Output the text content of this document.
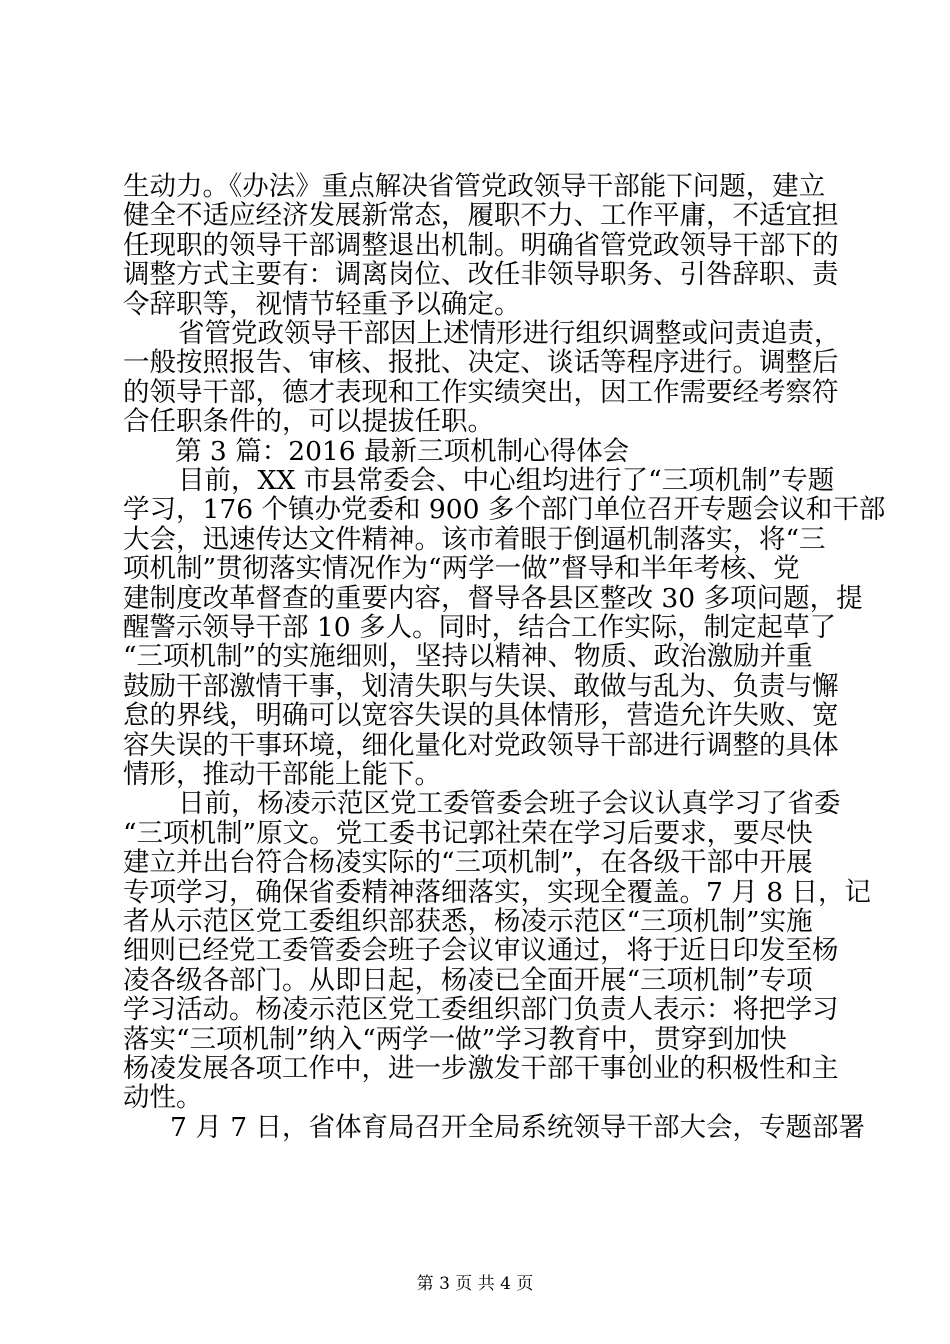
生动力。《办法》重点解决省管党政领导干部能下问题，建立
健全不适应经济发展新常态，履职不力、工作平庸，不适宜担
任现职的领导干部调整退出机制。明确省管党政领导干部下的
调整方式主要有：调离岗位、改任非领导职务、引咎辞职、责
令辞职等，视情节轻重予以确定。
省管党政领导干部因上述情形进行组织调整或问责追责，
一般按照报告、审核、报批、决定、谈话等程序进行。调整后
的领导干部，德才表现和工作实绩突出，因工作需要经考察符
合任职条件的，可以提拔任职。
第 3 篇：2016 最新三项机制心得体会
目前，XX 市县常委会、中心组均进行了“三项机制”专题
学习，176 个镇办党委和 900 多个部门单位召开专题会议和干部
大会，迅速传达文件精神。该市着眼于倒逼机制落实，将“三
项机制”贯彻落实情况作为“两学一做”督导和半年考核、党
建制度改革督查的重要内容，督导各县区整改 30 多项问题，提
醒警示领导干部 10 多人。同时，结合工作实际，制定起草了
“三项机制”的实施细则，坚持以精神、物质、政治激励并重
鼓励干部激情干事，划清失职与失误、敢做与乱为、负责与懈
怠的界线，明确可以宽容失误的具体情形，营造允许失败、宽
容失误的干事环境，细化量化对党政领导干部进行调整的具体
情形，推动干部能上能下。
日前，杨凌示范区党工委管委会班子会议认真学习了省委
“三项机制”原文。党工委书记郭社荣在学习后要求，要尽快
建立并出台符合杨凌实际的“三项机制”，在各级干部中开展
专项学习，确保省委精神落细落实，实现全覆盖。7 月 8 日，记
者从示范区党工委组织部获悉，杨凌示范区“三项机制”实施
细则已经党工委管委会班子会议审议通过，将于近日印发至杨
凌各级各部门。从即日起，杨凌已全面开展“三项机制”专项
学习活动。杨凌示范区党工委组织部门负责人表示：将把学习
落实“三项机制”纳入“两学一做”学习教育中，贯穿到加快
杨凌发展各项工作中，进一步激发干部干事创业的积极性和主
动性。
7 月 7 日，省体育局召开全局系统领导干部大会，专题部署
第 3 页 共 4 页
